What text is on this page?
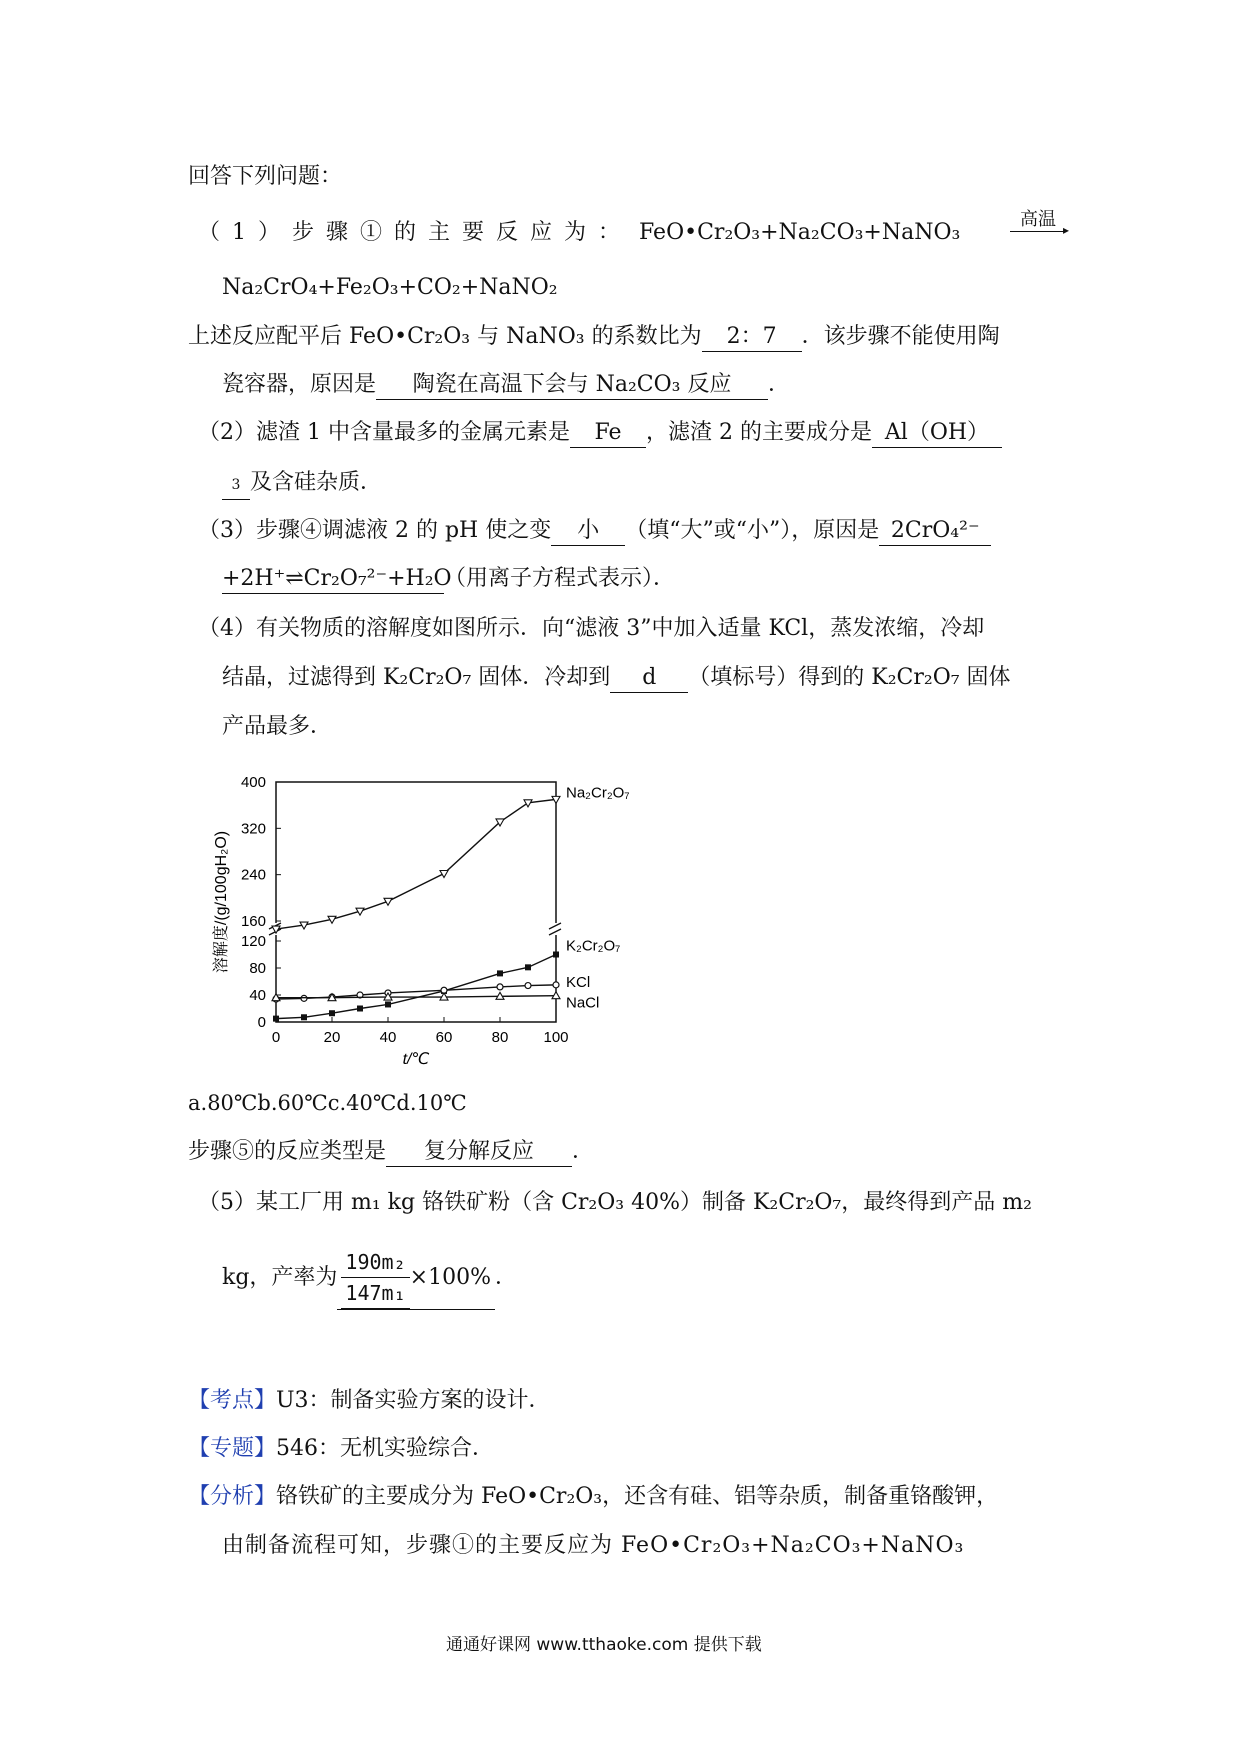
回答下列问题：
（1）步骤①的主要反应为： FeO•Cr₂O₃+Na₂CO₃+NaNO₃
高温 ▸
Na₂CrO₄+Fe₂O₃+CO₂+NaNO₂
上述反应配平后 FeO•Cr₂O₃ 与 NaNO₃ 的系数比为 2：7 ．该步骤不能使用陶
瓷容器，原因是 陶瓷在高温下会与 Na₂CO₃ 反应 ．
（2）滤渣 1 中含量最多的金属元素是 Fe ，滤渣 2 的主要成分是 Al（OH）
3 及含硅杂质．
（3）步骤④调滤液 2 的 pH 使之变 小 （填“大”或“小”），原因是 2CrO₄²⁻
+2H⁺⇌Cr₂O₇²⁻+H₂O（用离子方程式表示）．
（4）有关物质的溶解度如图所示．向“滤液 3”中加入适量 KCl，蒸发浓缩，冷却
结晶，过滤得到 K₂Cr₂O₇ 固体．冷却到 d （填标号）得到的 K₂Cr₂O₇ 固体
产品最多．
0
40
80
120
160
240
320
400
0	20	40	60	80 100
t/℃
溶解度/(g/100gH₂O)
Na₂Cr₂O₇
K₂Cr₂O₇
KCl
NaCl
a.80℃b.60℃c.40℃d.10℃
步骤⑤的反应类型是 复分解反应 ．
（5）某工厂用 m₁ kg 铬铁矿粉（含 Cr₂O₃ 40%）制备 K₂Cr₂O₇，最终得到产品 m₂
kg，产率为 $\frac{\text{190m₂}}{\text{147m₁}} \times 100\%$ ．
【考点】U3：制备实验方案的设计．
【专题】546：无机实验综合．
【分析】铬铁矿的主要成分为 FeO•Cr₂O₃，还含有硅、铝等杂质，制备重铬酸钾，
由制备流程可知，步骤①的主要反应为 FeO•Cr₂O₃+Na₂CO₃+NaNO₃
通通好课网 www.tthaoke.com 提供下载
